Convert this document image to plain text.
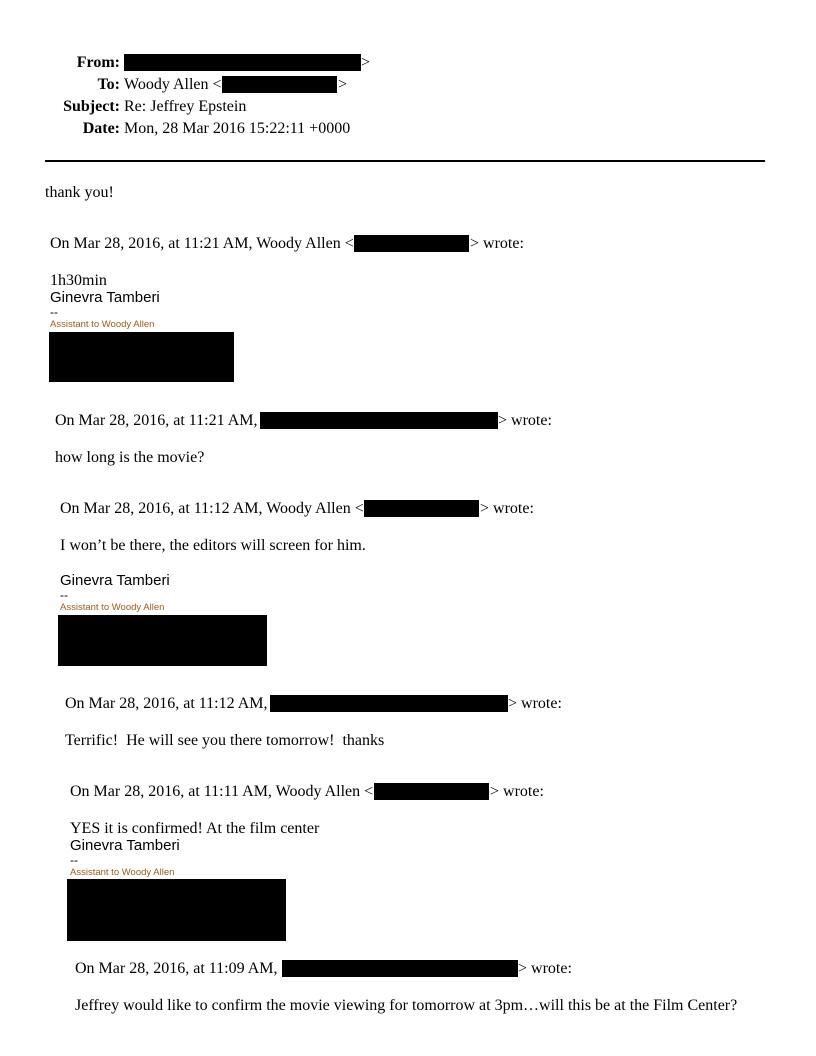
From:	>
To: Woody Allen <	>
Subject: Re: Jeffrey Epstein
Date: Mon, 28 Mar 2016 15:22:11 +0000
thank you!
On Mar 28, 2016, at 11:21 AM, Woody Allen <	> wrote:
1h30min
Ginevra Tamberi
--
Assistant to Woody Allen
On Mar 28, 2016, at 11:21 AM,	> wrote:
how long is the movie?
On Mar 28, 2016, at 11:12 AM, Woody Allen <	> wrote:
I won’t be there, the editors will screen for him.
Ginevra Tamberi
--
Assistant to Woody Allen
On Mar 28, 2016, at 11:12 AM,	> wrote:
Terrific!  He will see you there tomorrow!  thanks
On Mar 28, 2016, at 11:11 AM, Woody Allen <	> wrote:
YES it is confirmed! At the film center
Ginevra Tamberi
--
Assistant to Woody Allen
On Mar 28, 2016, at 11:09 AM,	> wrote:
Jeffrey would like to confirm the movie viewing for tomorrow at 3pm…will this be at the Film Center?
